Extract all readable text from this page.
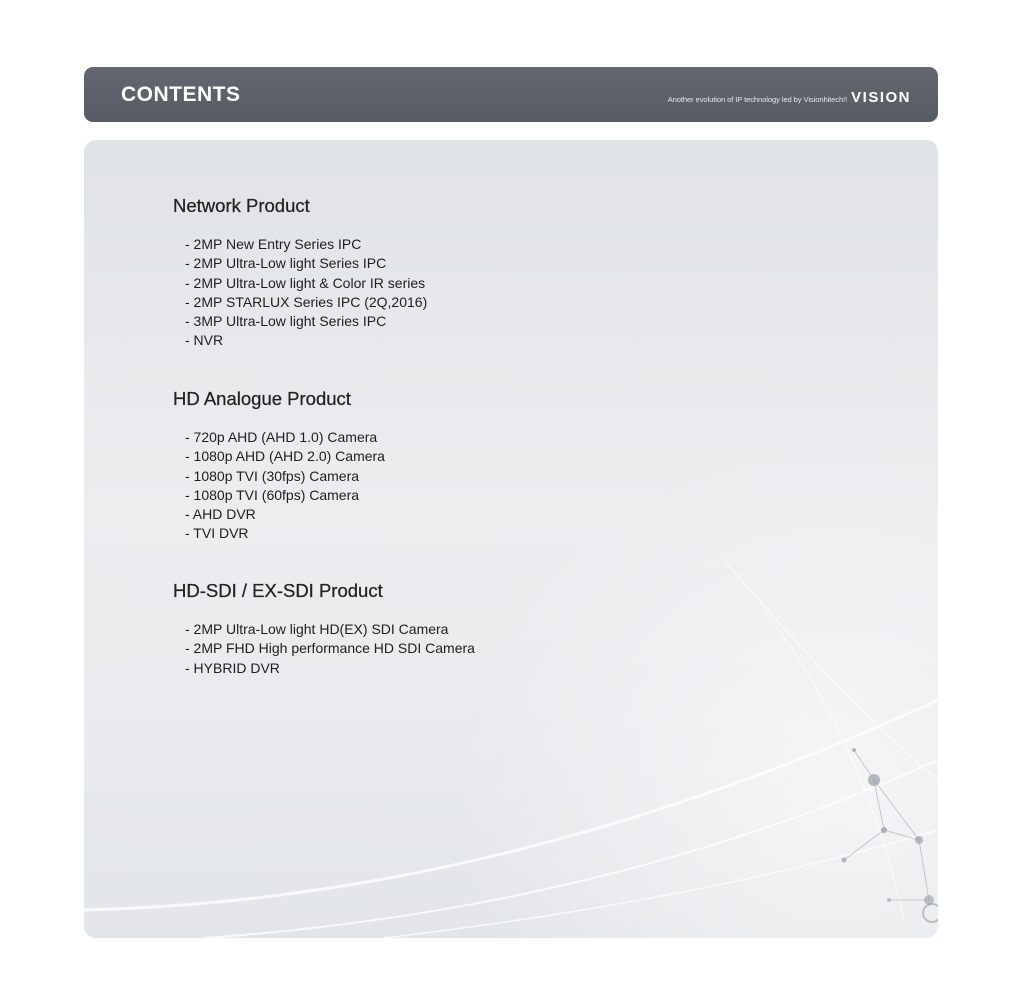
CONTENTS	Another evolution of IP technology led by Visionhitech!! VISION
Network Product
- 2MP New Entry Series IPC
- 2MP Ultra-Low light Series IPC
- 2MP Ultra-Low light & Color IR series
- 2MP STARLUX Series IPC (2Q,2016)
- 3MP Ultra-Low light Series IPC
- NVR
HD Analogue Product
- 720p AHD (AHD 1.0) Camera
- 1080p AHD (AHD 2.0) Camera
- 1080p TVI (30fps) Camera
- 1080p TVI (60fps) Camera
- AHD DVR
- TVI DVR
HD-SDI / EX-SDI Product
- 2MP Ultra-Low light HD(EX) SDI Camera
- 2MP FHD High performance HD SDI Camera
- HYBRID DVR
